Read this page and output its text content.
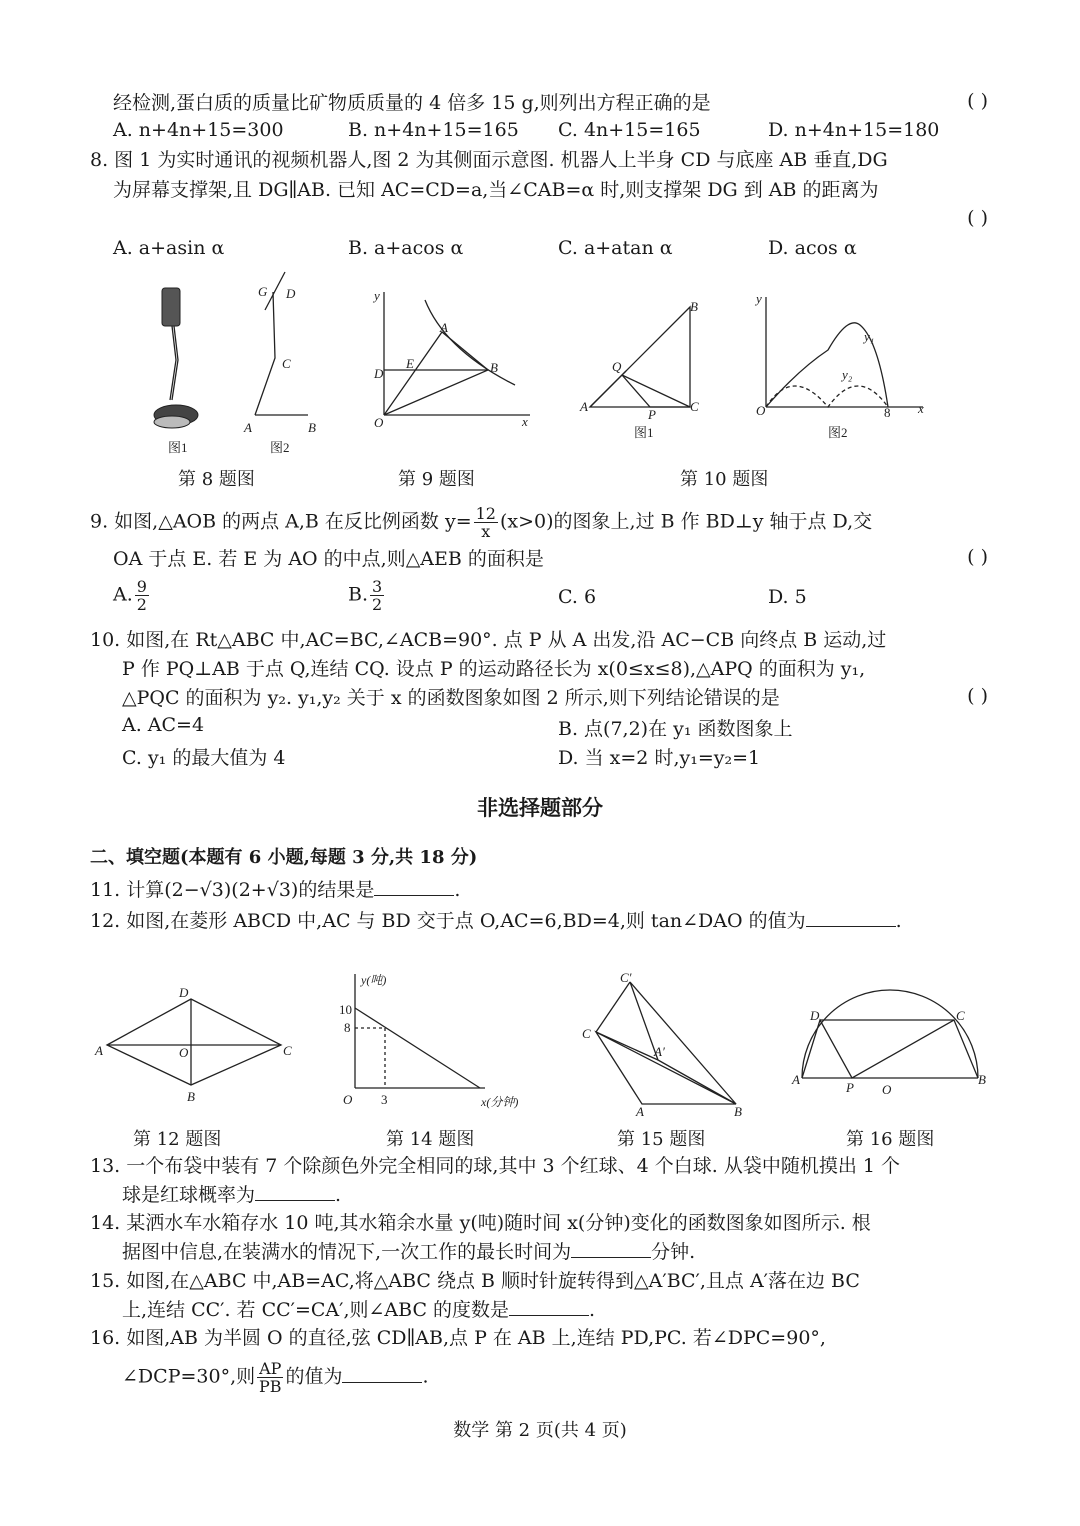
经检测,蛋白质的质量比矿物质质量的 4 倍多 15 g,则列出方程正确的是	( )
A. n+4n+15=300	B. n+4n+15=165 C. 4n+15=165	D. n+4n+15=180
8. 图 1 为实时通讯的视频机器人,图 2 为其侧面示意图. 机器人上半身 CD 与底座 AB 垂直,DG
为屏幕支撑架,且 DG∥AB. 已知 AC=CD=a,当∠CAB=α 时,则支撑架 DG 到 AB 的距离为
( )
A. a+asin α	B. a+acos α	C. a+atan α	D. acos α
图1
G D
C
A	B
图2
第 8 题图
y
x
O
A
B
D
E
第 9 题图
A
B
C
P
Q
图1
y
x
O	8
y₁
y₂
图2
第 10 题图
9. 如图,△AOB 的两点 A,B 在反比例函数 $y= \frac{12}{x} (x>0)$的图象上,过 B 作 BD⊥y 轴于点 D,交
OA 于点 E. 若 E 为 AO 的中点,则△AEB 的面积是	( )
A. $\frac{9}{2}$	B. $\frac{3}{2}$	C. 6	D. 5
10. 如图,在 Rt△ABC 中,AC=BC,∠ACB=90°. 点 P 从 A 出发,沿 AC−CB 向终点 B 运动,过
P 作 PQ⊥AB 于点 Q,连结 CQ. 设点 P 的运动路径长为 x(0≤x≤8),△APQ 的面积为 y₁,
△PQC 的面积为 y₂. y₁,y₂ 关于 x 的函数图象如图 2 所示,则下列结论错误的是	( )
A. AC=4	B. 点(7,2)在 y₁ 函数图象上
C. y₁ 的最大值为 4	D. 当 x=2 时,y₁=y₂=1
非选择题部分
二、填空题(本题有 6 小题,每题 3 分,共 18 分)
11. 计算(2−√3)(2+√3)的结果是	.
12. 如图,在菱形 ABCD 中,AC 与 BD 交于点 O,AC=6,BD=4,则 tan∠DAO 的值为	.
A	C
D
B
O
第 12 题图
y(吨)
x(分钟)
10
8
O 3
第 14 题图
C′
C
A′
A	B
第 15 题图
D	C
A
P O
B
第 16 题图
13. 一个布袋中装有 7 个除颜色外完全相同的球,其中 3 个红球、4 个白球. 从袋中随机摸出 1 个
球是红球概率为	.
14. 某洒水车水箱存水 10 吨,其水箱余水量 y(吨)随时间 x(分钟)变化的函数图象如图所示. 根
据图中信息,在装满水的情况下,一次工作的最长时间为	分钟.
15. 如图,在△ABC 中,AB=AC,将△ABC 绕点 B 顺时针旋转得到△A′BC′,且点 A′落在边 BC
上,连结 CC′. 若 CC′=CA′,则∠ABC 的度数是	.
16. 如图,AB 为半圆 O 的直径,弦 CD∥AB,点 P 在 AB 上,连结 PD,PC. 若∠DPC=90°,
∠DCP=30°,则 $\frac{AP}{PB}$ 的值为	.
数学 第 2 页(共 4 页)
